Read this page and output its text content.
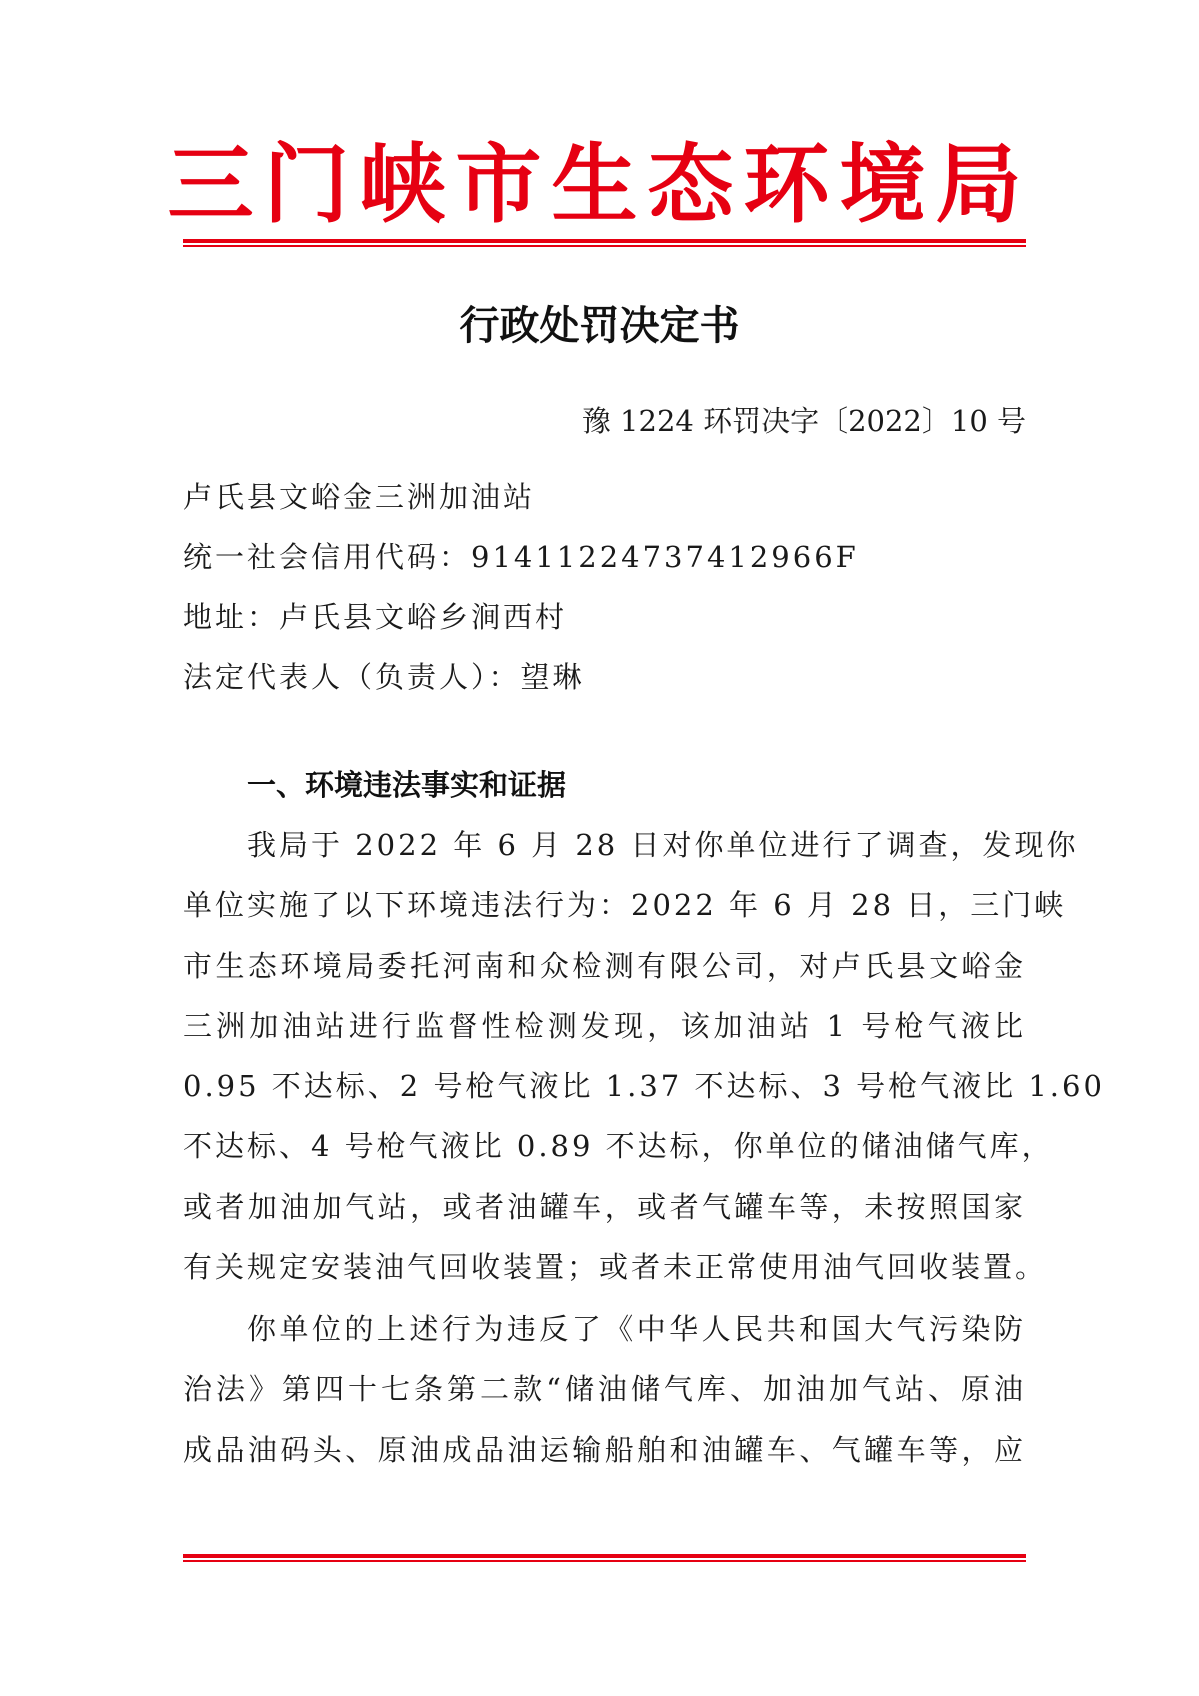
三门峡市生态环境局
行政处罚决定书
豫 1224 环罚决字〔2022〕10 号
卢氏县文峪金三洲加油站
统一社会信用代码：91411224737412966F
地址：卢氏县文峪乡涧西村
法定代表人（负责人）：望琳
一、环境违法事实和证据
我局于 2022 年 6 月 28 日对你单位进行了调查，发现你
单位实施了以下环境违法行为：2022 年 6 月 28 日，三门峡
市生态环境局委托河南和众检测有限公司，对卢氏县文峪金
三洲加油站进行监督性检测发现，该加油站 1 号枪气液比
0.95 不达标、2 号枪气液比 1.37 不达标、3 号枪气液比 1.60
不达标、4 号枪气液比 0.89 不达标，你单位的储油储气库，
或者加油加气站，或者油罐车，或者气罐车等，未按照国家
有关规定安装油气回收装置；或者未正常使用油气回收装置。
你单位的上述行为违反了《中华人民共和国大气污染防
治法》第四十七条第二款“储油储气库、加油加气站、原油
成品油码头、原油成品油运输船舶和油罐车、气罐车等，应
